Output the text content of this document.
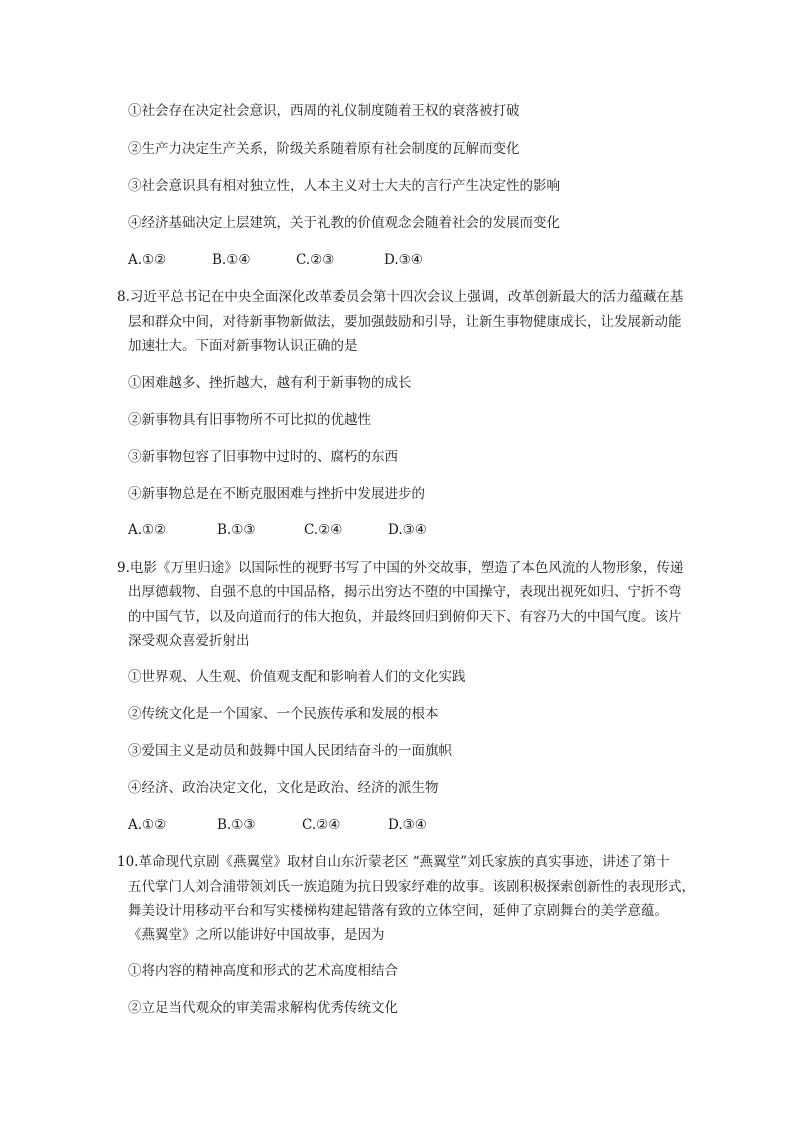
①社会存在决定社会意识，西周的礼仪制度随着王权的衰落被打破
②生产力决定生产关系，阶级关系随着原有社会制度的瓦解而变化
③社会意识具有相对独立性，人本主义对士大夫的言行产生决定性的影响
④经济基础决定上层建筑，关于礼教的价值观念会随着社会的发展而变化
A.①②	B.①④	C.②③	D.③④
8.习近平总书记在中央全面深化改革委员会第十四次会议上强调，改革创新最大的活力蕴藏在基
层和群众中间，对待新事物新做法，要加强鼓励和引导，让新生事物健康成长，让发展新动能
加速壮大。下面对新事物认识正确的是
①困难越多、挫折越大，越有利于新事物的成长
②新事物具有旧事物所不可比拟的优越性
③新事物包容了旧事物中过时的、腐朽的东西
④新事物总是在不断克服困难与挫折中发展进步的
A.①②	B.①③	C.②④	D.③④
9.电影《万里归途》以国际性的视野书写了中国的外交故事，塑造了本色风流的人物形象，传递
出厚德载物、自强不息的中国品格，揭示出穷达不堕的中国操守，表现出视死如归、宁折不弯
的中国气节，以及向道而行的伟大抱负，并最终回归到俯仰天下、有容乃大的中国气度。该片
深受观众喜爱折射出
①世界观、人生观、价值观支配和影响着人们的文化实践
②传统文化是一个国家、一个民族传承和发展的根本
③爱国主义是动员和鼓舞中国人民团结奋斗的一面旗帜
④经济、政治决定文化，文化是政治、经济的派生物
A.①②	B.①③	C.②④	D.③④
10.革命现代京剧《燕翼堂》取材自山东沂蒙老区 “燕翼堂”刘氏家族的真实事迹，讲述了第十
五代掌门人刘合浦带领刘氏一族追随为抗日毁家纾难的故事。该剧积极探索创新性的表现形式，
舞美设计用移动平台和写实楼梯构建起错落有致的立体空间，延伸了京剧舞台的美学意蕴。
《燕翼堂》之所以能讲好中国故事，是因为
①将内容的精神高度和形式的艺术高度相结合
②立足当代观众的审美需求解构优秀传统文化
